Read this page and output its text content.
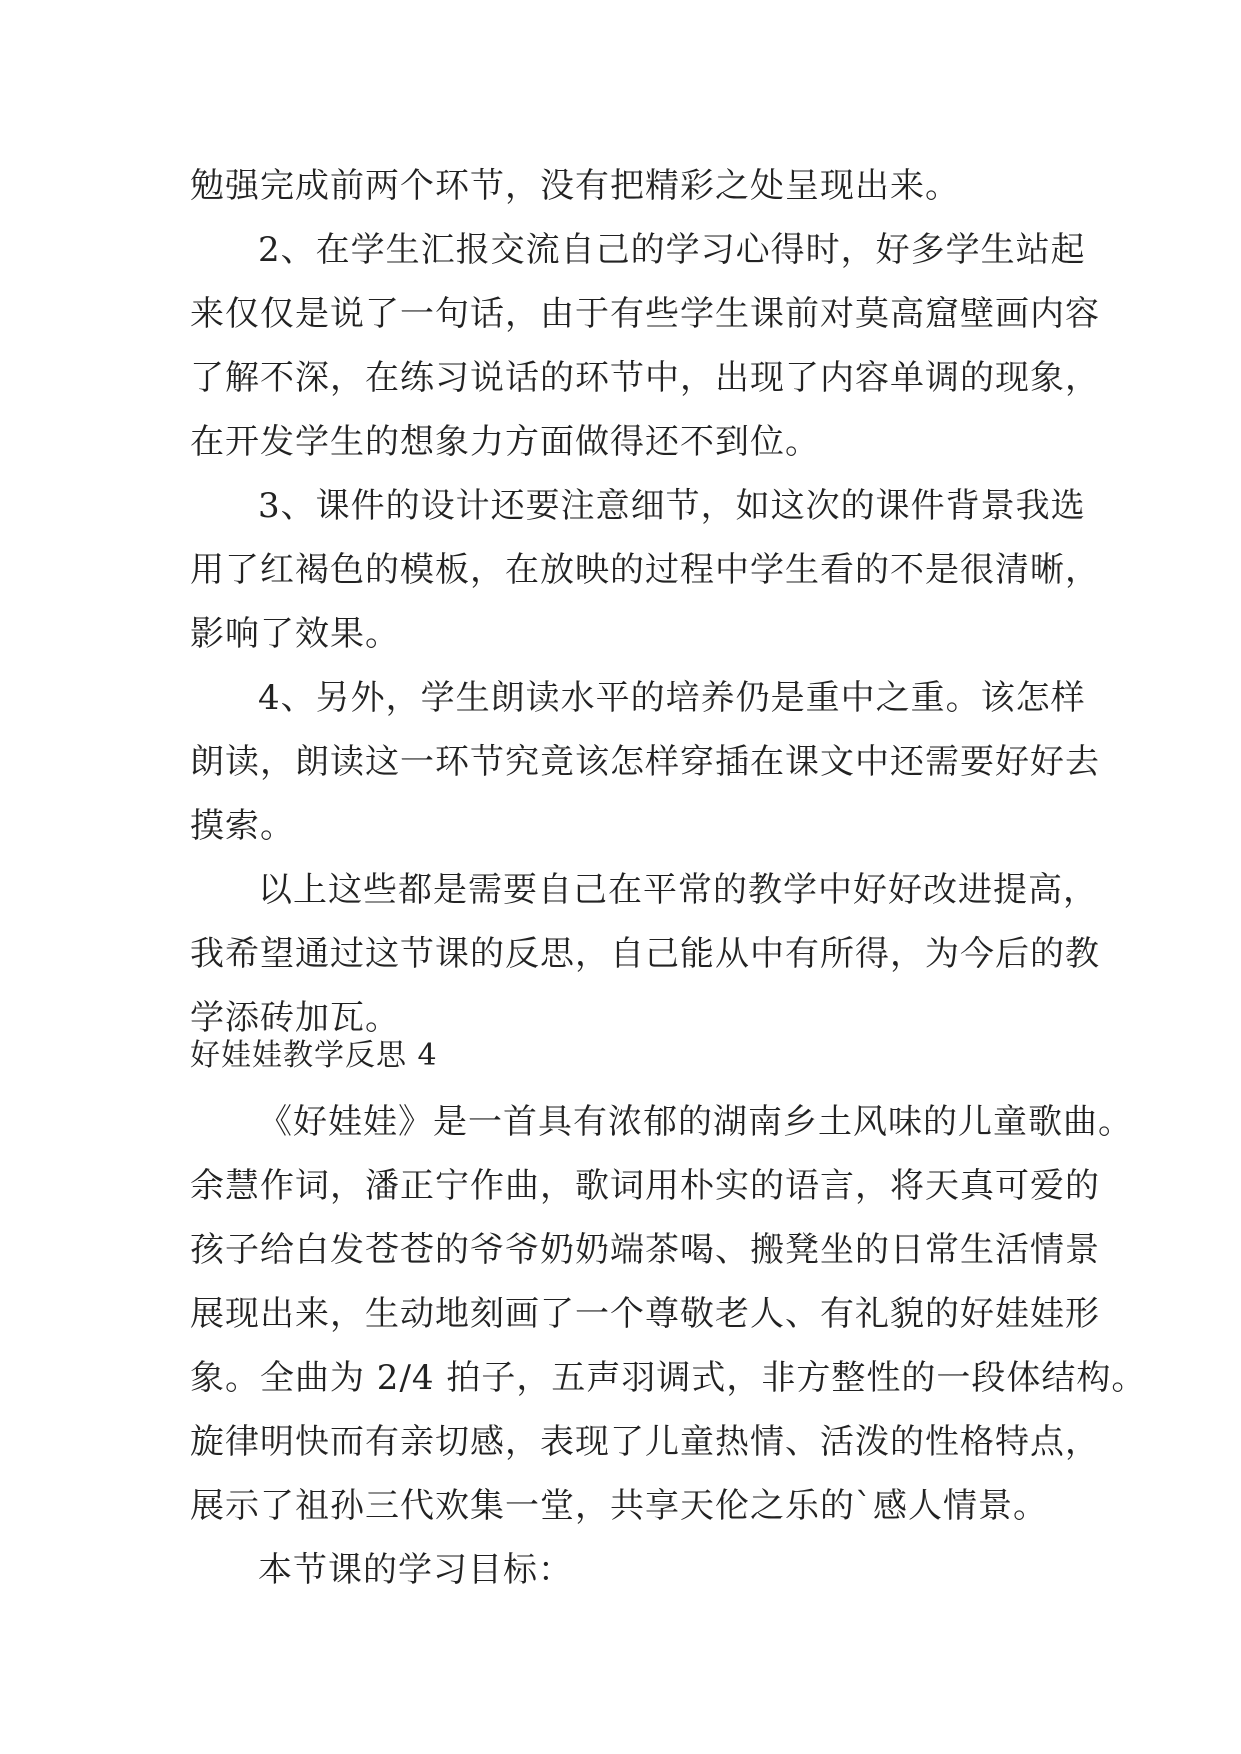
勉强完成前两个环节，没有把精彩之处呈现出来。
2、在学生汇报交流自己的学习心得时，好多学生站起
来仅仅是说了一句话，由于有些学生课前对莫高窟壁画内容
了解不深，在练习说话的环节中，出现了内容单调的现象，
在开发学生的想象力方面做得还不到位。
3、课件的设计还要注意细节，如这次的课件背景我选
用了红褐色的模板，在放映的过程中学生看的不是很清晰，
影响了效果。
4、另外，学生朗读水平的培养仍是重中之重。该怎样
朗读，朗读这一环节究竟该怎样穿插在课文中还需要好好去
摸索。
以上这些都是需要自己在平常的教学中好好改进提高，
我希望通过这节课的反思，自己能从中有所得，为今后的教
学添砖加瓦。
好娃娃教学反思 4
《好娃娃》是一首具有浓郁的湖南乡土风味的儿童歌曲。
余慧作词，潘正宁作曲，歌词用朴实的语言，将天真可爱的
孩子给白发苍苍的爷爷奶奶端茶喝、搬凳坐的日常生活情景
展现出来，生动地刻画了一个尊敬老人、有礼貌的好娃娃形
象。全曲为 2/4 拍子，五声羽调式，非方整性的一段体结构。
旋律明快而有亲切感，表现了儿童热情、活泼的性格特点，
展示了祖孙三代欢集一堂，共享天伦之乐的`感人情景。
本节课的学习目标：
